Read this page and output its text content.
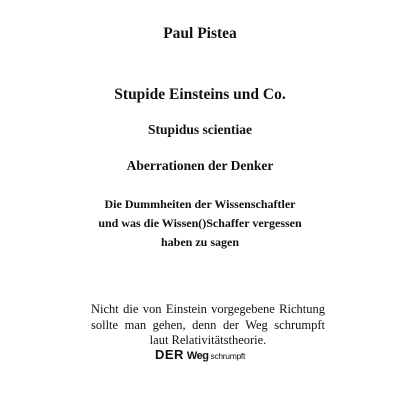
Paul Pistea
Stupide Einsteins und Co.
Stupidus scientiae
Aberrationen der Denker
Die Dummheiten der Wissenschaftler
und was die Wissen()Schaffer vergessen
haben zu sagen
Nicht die von Einstein vorgegebene Richtung sollte man gehen, denn der Weg schrumpft laut Relativitätstheorie.
DER Weg schrumpft
